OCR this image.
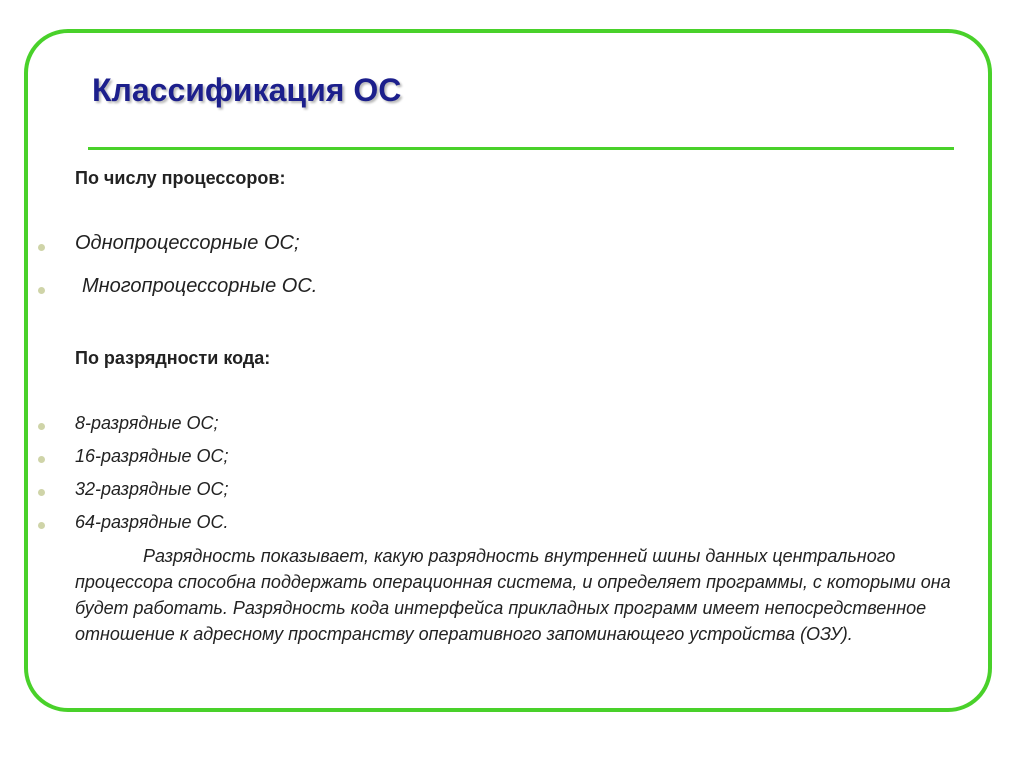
Классификация ОС
По числу процессоров:
Однопроцессорные ОС;
Многопроцессорные ОС.
По разрядности кода:
8-разрядные ОС;
16-разрядные ОС;
32-разрядные ОС;
64-разрядные ОС.

Разрядность показывает, какую разрядность внутренней шины данных центрального процессора способна поддержать операционная система, и определяет программы, с которыми она будет работать. Разрядность кода интерфейса прикладных программ имеет непосредственное отношение к адресному пространству оперативного запоминающего устройства (ОЗУ).
